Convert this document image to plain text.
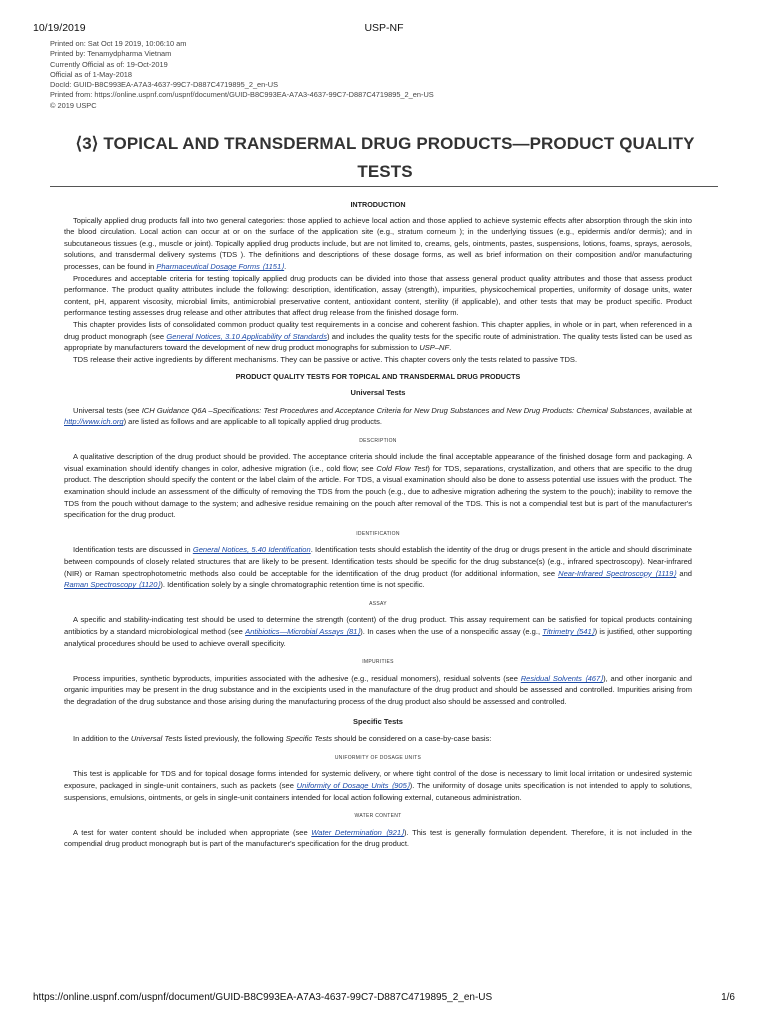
10/19/2019	USP-NF
Printed on: Sat Oct 19 2019, 10:06:10 am
Printed by: Tenamydpharma Vietnam
Currently Official as of: 19-Oct-2019
Official as of 1-May-2018
DocId: GUID-B8C993EA-A7A3-4637-99C7-D887C4719895_2_en-US
Printed from: https://online.uspnf.com/uspnf/document/GUID-B8C993EA-A7A3-4637-99C7-D887C4719895_2_en-US
© 2019 USPC
⟨3⟩ TOPICAL AND TRANSDERMAL DRUG PRODUCTS—PRODUCT QUALITY
TESTS

INTRODUCTION

Topically applied drug products fall into two general categories: those applied to achieve local action and those applied to achieve systemic effects after absorption through the skin into the blood circulation. Local action can occur at or on the surface of the application site (e.g., stratum corneum ); in the underlying tissues (e.g., epidermis and/or dermis); and in subcutaneous tissues (e.g., muscle or joint). Topically applied drug products include, but are not limited to, creams, gels, ointments, pastes, suspensions, lotions, foams, sprays, aerosols, solutions, and transdermal delivery systems (TDS ). The definitions and descriptions of these dosage forms, as well as brief information on their composition and/or manufacturing processes, can be found in Pharmaceutical Dosage Forms ⟨1151⟩.

Procedures and acceptable criteria for testing topically applied drug products can be divided into those that assess general product quality attributes and those that assess product performance. The product quality attributes include the following: description, identification, assay (strength), impurities, physicochemical properties, uniformity of dosage units, water content, pH, apparent viscosity, microbial limits, antimicrobial preservative content, antioxidant content, sterility (if applicable), and other tests that may be product specific. Product performance testing assesses drug release and other attributes that affect drug release from the finished dosage form.

This chapter provides lists of consolidated common product quality test requirements in a concise and coherent fashion. This chapter applies, in whole or in part, when referenced in a drug product monograph (see General Notices, 3.10 Applicability of Standards) and includes the quality tests for the specific route of administration. The quality tests listed can be used as appropriate by manufacturers toward the development of new drug product monographs for submission to USP–NF.

TDS release their active ingredients by different mechanisms. They can be passive or active. This chapter covers only the tests related to passive TDS.

PRODUCT QUALITY TESTS FOR TOPICAL AND TRANSDERMAL DRUG PRODUCTS

Universal Tests

Universal tests (see ICH Guidance Q6A –Specifications: Test Procedures and Acceptance Criteria for New Drug Substances and New Drug Products: Chemical Substances, available at http://www.ich.org) are listed as follows and are applicable to all topically applied drug products.

DESCRIPTION

A qualitative description of the drug product should be provided. The acceptance criteria should include the final acceptable appearance of the finished dosage form and packaging. A visual examination should identify changes in color, adhesive migration (i.e., cold flow; see Cold Flow Test) for TDS, separations, crystallization, and others that are specific to the drug product. The description should specify the content or the label claim of the article. For TDS, a visual examination should also be done to assess potential use issues with the product. The examination should include an assessment of the difficulty of removing the TDS from the pouch (e.g., due to adhesive migration adhering the system to the pouch); inability to remove the TDS from the pouch without damage to the system; and adhesive residue remaining on the pouch after removal of the TDS. This is not a compendial test but is part of the manufacturer's specification for the drug product.

IDENTIFICATION

Identification tests are discussed in General Notices, 5.40 Identification. Identification tests should establish the identity of the drug or drugs present in the article and should discriminate between compounds of closely related structures that are likely to be present. Identification tests should be specific for the drug substance(s) (e.g., infrared spectroscopy). Near-infrared (NIR) or Raman spectrophotometric methods also could be acceptable for the identification of the drug product (for additional information, see Near-Infrared Spectroscopy ⟨1119⟩ and Raman Spectroscopy ⟨1120⟩). Identification solely by a single chromatographic retention time is not specific.

ASSAY

A specific and stability-indicating test should be used to determine the strength (content) of the drug product. This assay requirement can be satisfied for topical products containing antibiotics by a standard microbiological method (see Antibiotics—Microbial Assays ⟨81⟩). In cases when the use of a nonspecific assay (e.g., Titrimetry ⟨541⟩) is justified, other supporting analytical procedures should be used to achieve overall specificity.

IMPURITIES

Process impurities, synthetic byproducts, impurities associated with the adhesive (e.g., residual monomers), residual solvents (see Residual Solvents ⟨467⟩), and other inorganic and organic impurities may be present in the drug substance and in the excipients used in the manufacture of the drug product and should be assessed and controlled. Impurities arising from the degradation of the drug substance and those arising during the manufacturing process of the drug product also should be assessed and controlled.

Specific Tests

In addition to the Universal Tests listed previously, the following Specific Tests should be considered on a case-by-case basis:

UNIFORMITY OF DOSAGE UNITS

This test is applicable for TDS and for topical dosage forms intended for systemic delivery, or where tight control of the dose is necessary to limit local irritation or undesired systemic exposure, packaged in single-unit containers, such as packets (see Uniformity of Dosage Units ⟨905⟩). The uniformity of dosage units specification is not intended to apply to solutions, suspensions, emulsions, ointments, or gels in single-unit containers intended for local action following external, cutaneous administration.

WATER CONTENT

A test for water content should be included when appropriate (see Water Determination ⟨921⟩). This test is generally formulation dependent. Therefore, it is not included in the compendial drug product monograph but is part of the manufacturer's specification for the drug product.

https://online.uspnf.com/uspnf/document/GUID-B8C993EA-A7A3-4637-99C7-D887C4719895_2_en-US	1/6
